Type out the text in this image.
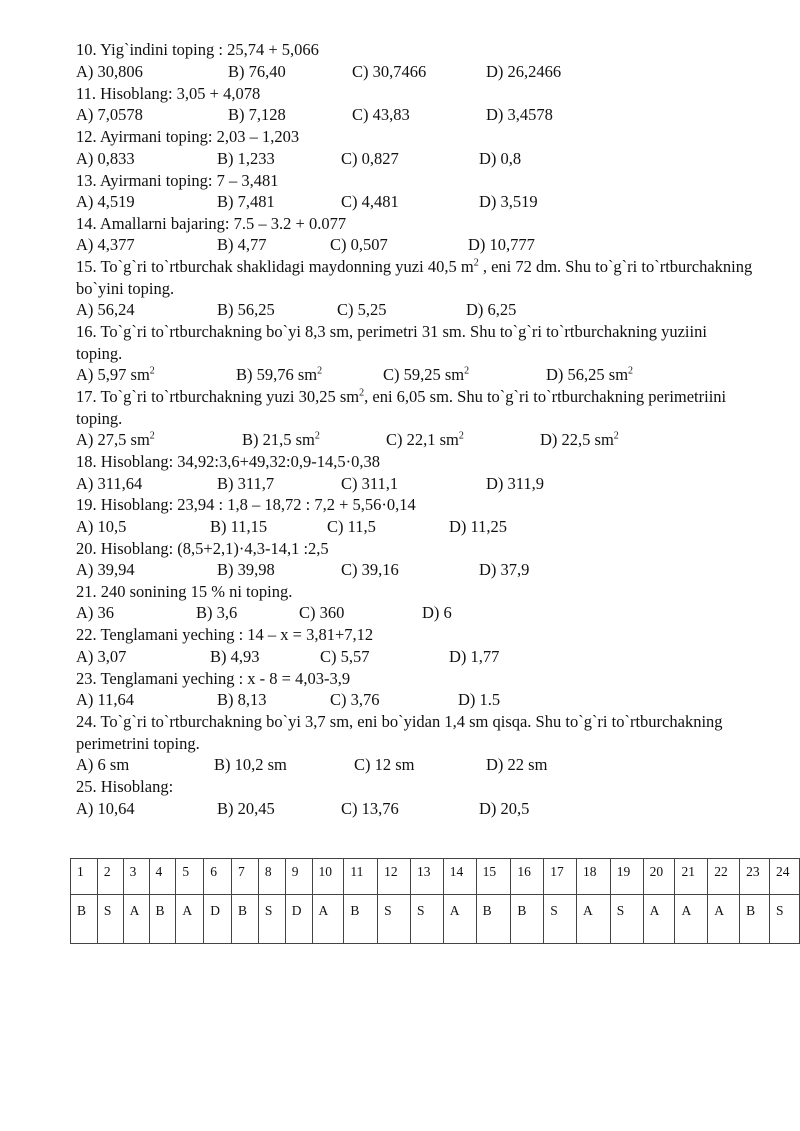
10. Yig`indini toping : 25,74 + 5,066
A) 30,806	B) 76,40	C) 30,7466	D) 26,2466
11. Hisoblang: 3,05 + 4,078
A) 7,0578	B) 7,128	C) 43,83	D) 3,4578
12. Ayirmani toping: 2,03 – 1,203
A) 0,833	B) 1,233	C) 0,827	D) 0,8
13. Ayirmani toping: 7 – 3,481
A) 4,519	B) 7,481	C) 4,481	D) 3,519
14. Amallarni bajaring: 7.5 – 3.2 + 0.077
A) 4,377	B) 4,77	C) 0,507	D) 10,777
15. To`g`ri to`rtburchak shaklidagi maydonning yuzi 40,5 $m^2$ , eni 72 dm. Shu to`g`ri to`rtburchakning bo`yini toping.
A) 56,24	B) 56,25	C) 5,25	D) 6,25
16. To`g`ri to`rtburchakning bo`yi 8,3 sm, perimetri 31 sm. Shu to`g`ri to`rtburchakning yuziini toping.
A) 5,97 $sm^2$	B) 59,76 $sm^2$	C) 59,25 $sm^2$	D) 56,25 $sm^2$
17. To`g`ri to`rtburchakning yuzi 30,25 $sm^2$, eni 6,05 sm. Shu to`g`ri to`rtburchakning perimetriini toping.
A) 27,5 $sm^2$	B) 21,5 $sm^2$	C) 22,1 $sm^2$	D) 22,5 $sm^2$
18. Hisoblang: 34,92:3,6+49,32:0,9-14,5·0,38
A) 311,64	B) 311,7	C) 311,1	D) 311,9
19. Hisoblang: 23,94 : 1,8 – 18,72 : 7,2 + 5,56·0,14
A) 10,5	B) 11,15	C) 11,5	D) 11,25
20. Hisoblang: (8,5+2,1)·4,3-14,1 :2,5
A) 39,94	B) 39,98	C) 39,16	D) 37,9
21. 240 sonining 15 % ni toping.
A) 36	B) 3,6	C) 360	D) 6
22. Tenglamani yeching : 14 – x = 3,81+7,12
A) 3,07	B) 4,93	C) 5,57	D) 1,77
23. Tenglamani yeching : x - 8 = 4,03-3,9
A) 11,64	B) 8,13	C) 3,76	D) 1.5
24. To`g`ri to`rtburchakning bo`yi 3,7 sm, eni bo`yidan 1,4 sm qisqa. Shu to`g`ri to`rtburchakning perimetrini toping.
A) 6 sm	B) 10,2 sm	C) 12 sm	D) 22 sm
25. Hisoblang:
A) 10,64	B) 20,45	C) 13,76	D) 20,5
1	2	3	4	5	6	7	8	9	10	11	12	13	14	15	16	17	18	19	20	21	22	23	24
B	S	A	B	A	D	B	S	D	A	B	S	S	A	B	B	S	A	S	A	A	A	B	S
